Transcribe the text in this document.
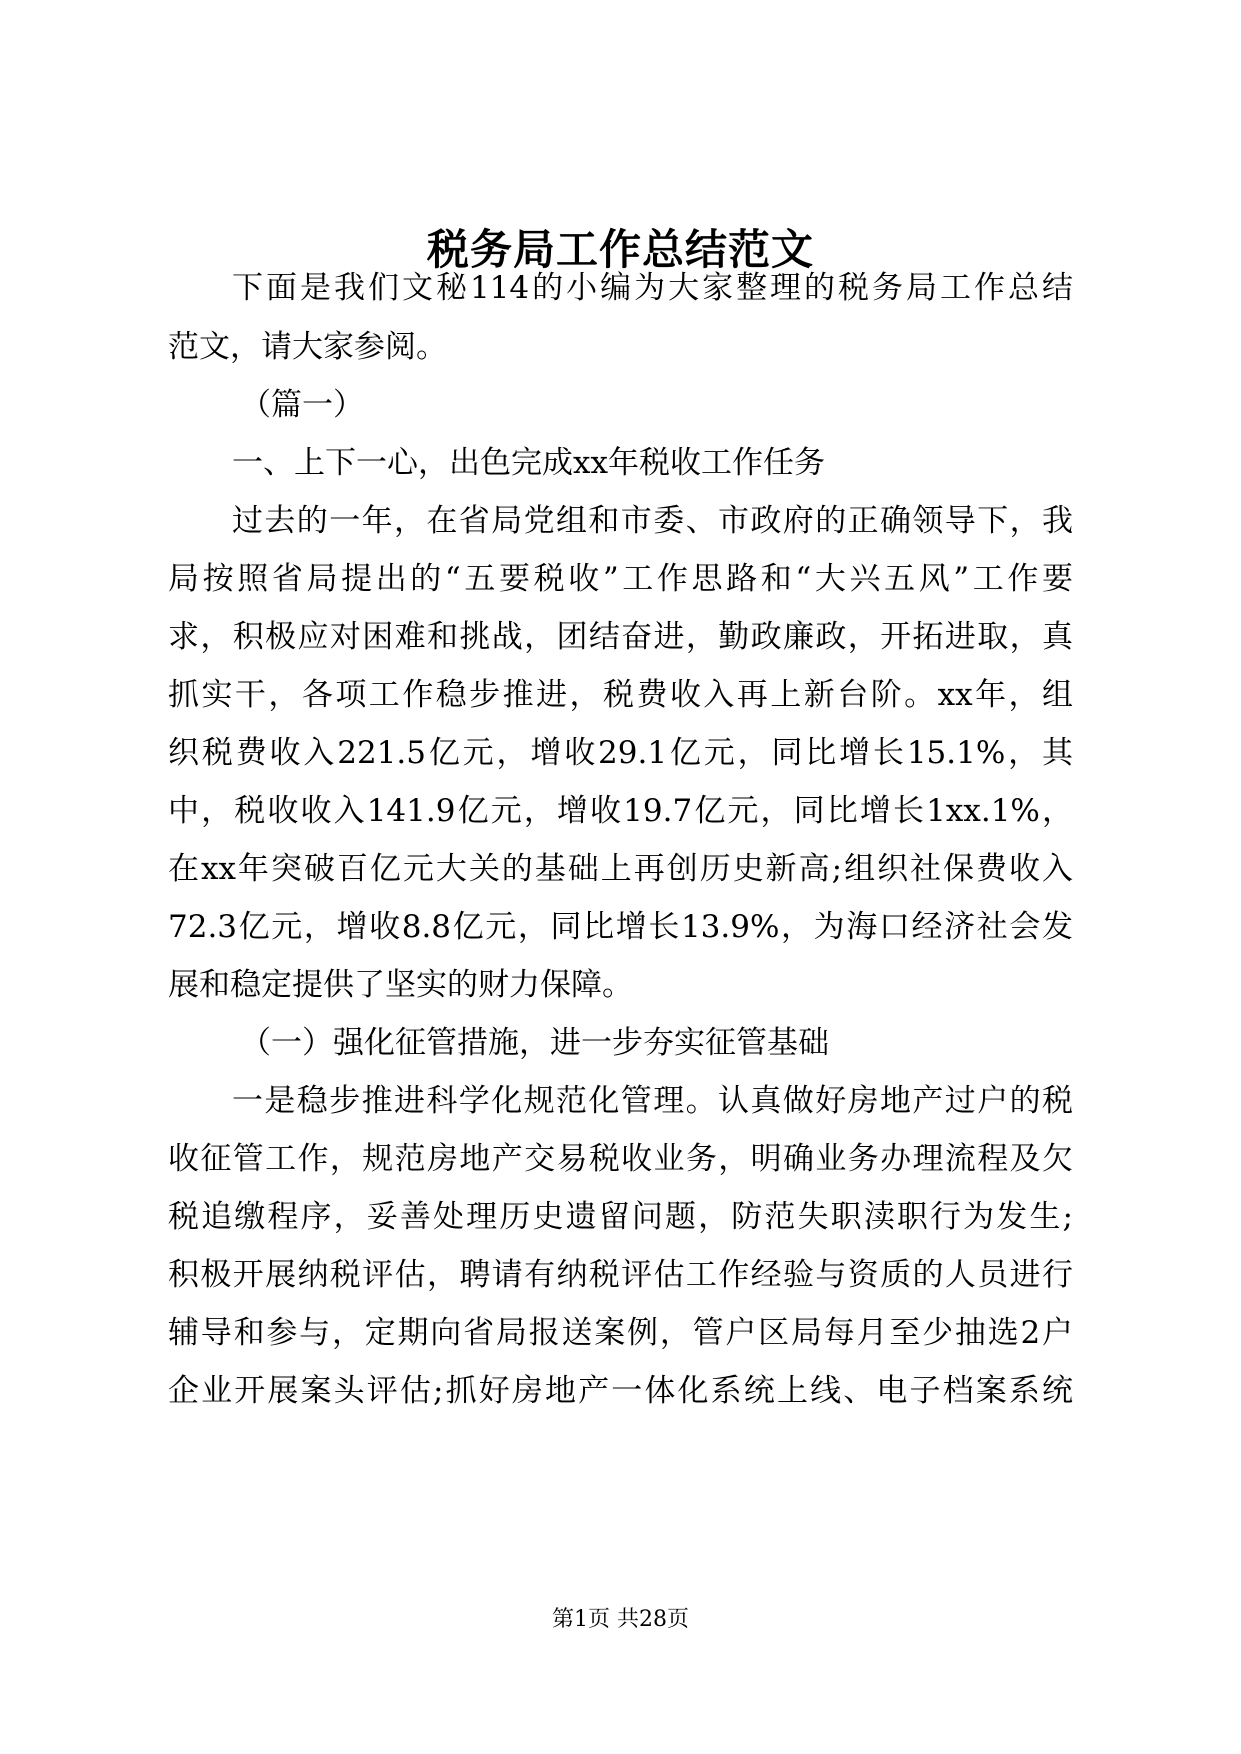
税务局工作总结范文
下面是我们文秘114的小编为大家整理的税务局工作总结
范文，请大家参阅。
（篇一）
一、上下一心，出色完成xx年税收工作任务
过去的一年，在省局党组和市委、市政府的正确领导下，我
局按照省局提出的“五要税收”工作思路和“大兴五风”工作要
求，积极应对困难和挑战，团结奋进，勤政廉政，开拓进取，真
抓实干，各项工作稳步推进，税费收入再上新台阶。xx年，组
织税费收入221.5亿元，增收29.1亿元，同比增长15.1%，其
中，税收收入141.9亿元，增收19.7亿元，同比增长1xx.1%，
在xx年突破百亿元大关的基础上再创历史新高;组织社保费收入
72.3亿元，增收8.8亿元，同比增长13.9%，为海口经济社会发
展和稳定提供了坚实的财力保障。
（一）强化征管措施，进一步夯实征管基础
一是稳步推进科学化规范化管理。认真做好房地产过户的税
收征管工作，规范房地产交易税收业务，明确业务办理流程及欠
税追缴程序，妥善处理历史遗留问题，防范失职渎职行为发生;
积极开展纳税评估，聘请有纳税评估工作经验与资质的人员进行
辅导和参与，定期向省局报送案例，管户区局每月至少抽选2户
企业开展案头评估;抓好房地产一体化系统上线、电子档案系统
第1页 共28页
